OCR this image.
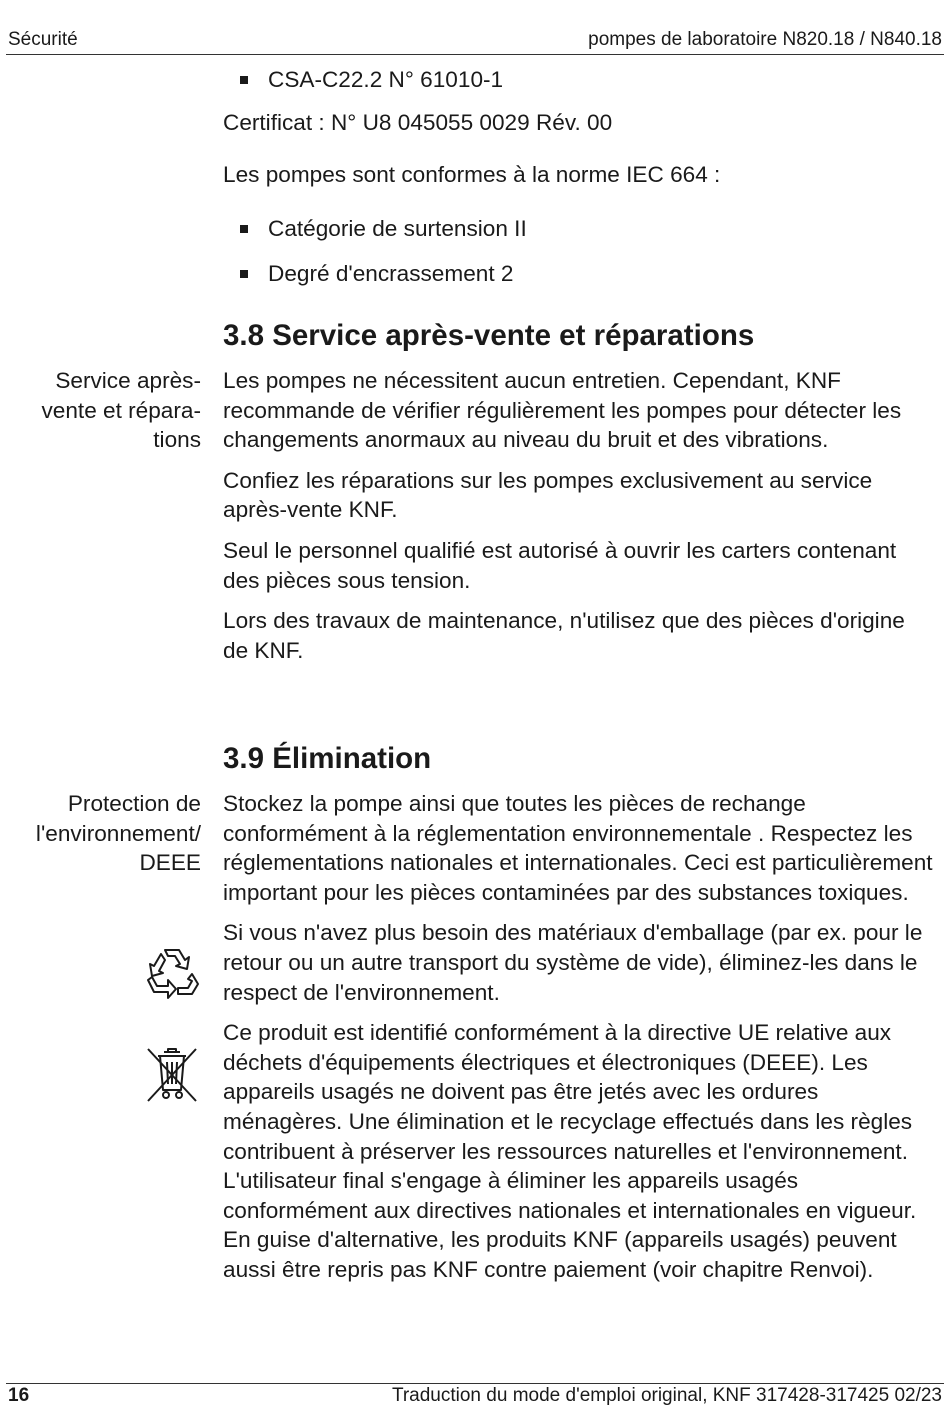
Sécurité	pompes de laboratoire N820.18 / N840.18
CSA-C22.2 N° 61010-1

Certificat : N° U8 045055 0029 Rév. 00

Les pompes sont conformes à la norme IEC 664 :

Catégorie de surtension II
Degré d'encrassement 2
3.8 Service après-vente et réparations
Service après-
vente et répara-
tions

Les pompes ne nécessitent aucun entretien. Cependant, KNF recommande de vérifier régulièrement les pompes pour détecter les changements anormaux au niveau du bruit et des vibrations.

Confiez les réparations sur les pompes exclusivement au service après-vente KNF.

Seul le personnel qualifié est autorisé à ouvrir les carters contenant des pièces sous tension.

Lors des travaux de maintenance, n'utilisez que des pièces d'origine de KNF.

3.9 Élimination
Protection de
l'environnement/
DEEE

Stockez la pompe ainsi que toutes les pièces de rechange conformément à la réglementation environnementale . Respectez les réglementations nationales et internationales. Ceci est particulièrement important pour les pièces contaminées par des substances toxiques.

Si vous n'avez plus besoin des matériaux d'emballage (par ex. pour le retour ou un autre transport du système de vide), éliminez-les dans le respect de l'environnement.

Ce produit est identifié conformément à la directive UE relative aux déchets d'équipements électriques et électroniques (DEEE). Les appareils usagés ne doivent pas être jetés avec les ordures ménagères. Une élimination et le recyclage effectués dans les règles contribuent à préserver les ressources naturelles et l'environnement. L'utilisateur final s'engage à éliminer les appareils usagés conformément aux directives nationales et internationales en vigueur. En guise d'alternative, les produits KNF (appareils usagés) peuvent aussi être repris pas KNF contre paiement (voir chapitre Renvoi).

16	Traduction du mode d'emploi original, KNF 317428-317425 02/23
